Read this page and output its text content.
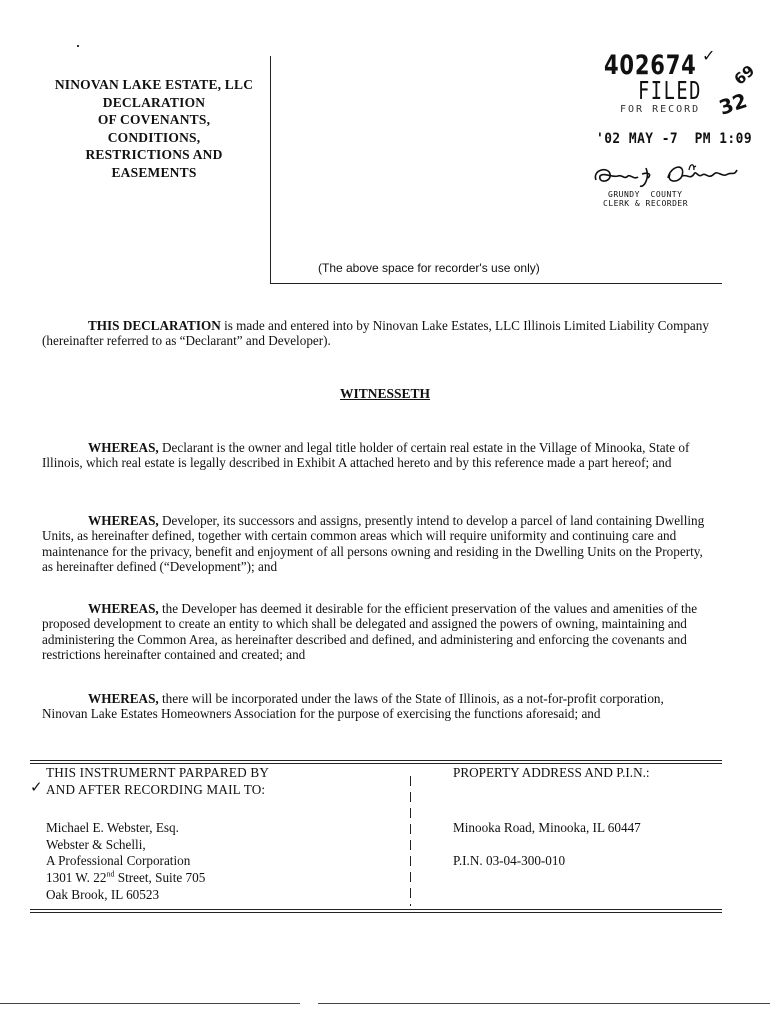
NINOVAN LAKE ESTATE, LLC
DECLARATION
OF COVENANTS,
CONDITIONS,
RESTRICTIONS AND
EASEMENTS
(The above space for recorder's use only)
402674 ✓
FILED
FOR RECORD 32
69
'02 MAY -7  PM 1:09
GRUNDY  COUNTY
CLERK & RECORDER
THIS DECLARATION is made and entered into by Ninovan Lake Estates, LLC Illinois Limited Liability Company (hereinafter referred to as “Declarant” and Developer).
WITNESSETH
WHEREAS, Declarant is the owner and legal title holder of certain real estate in the Village of Minooka, State of Illinois, which real estate is legally described in Exhibit A attached hereto and by this reference made a part hereof; and
WHEREAS, Developer, its successors and assigns, presently intend to develop a parcel of land containing Dwelling Units, as hereinafter defined, together with certain common areas which will require uniformity and continuing care and maintenance for the privacy, benefit and enjoyment of all persons owning and residing in the Dwelling Units on the Property, as hereinafter defined (“Development”); and
WHEREAS, the Developer has deemed it desirable for the efficient preservation of the values and amenities of the proposed development to create an entity to which shall be delegated and assigned the powers of owning, maintaining and administering the Common Area, as hereinafter described and defined, and administering and enforcing the covenants and restrictions hereinafter contained and created; and
WHEREAS, there will be incorporated under the laws of the State of Illinois, as a not-for-profit corporation, Ninovan Lake Estates Homeowners Association for the purpose of exercising the functions aforesaid; and
✓
THIS INSTRUMERNT PARPARED BY
AND AFTER RECORDING MAIL TO:
Michael E. Webster, Esq.
Webster & Schelli,
A Professional Corporation
1301 W. 22nd Street, Suite 705
Oak Brook, IL 60523
PROPERTY ADDRESS AND P.I.N.:
Minooka Road, Minooka, IL 60447
P.I.N. 03-04-300-010
